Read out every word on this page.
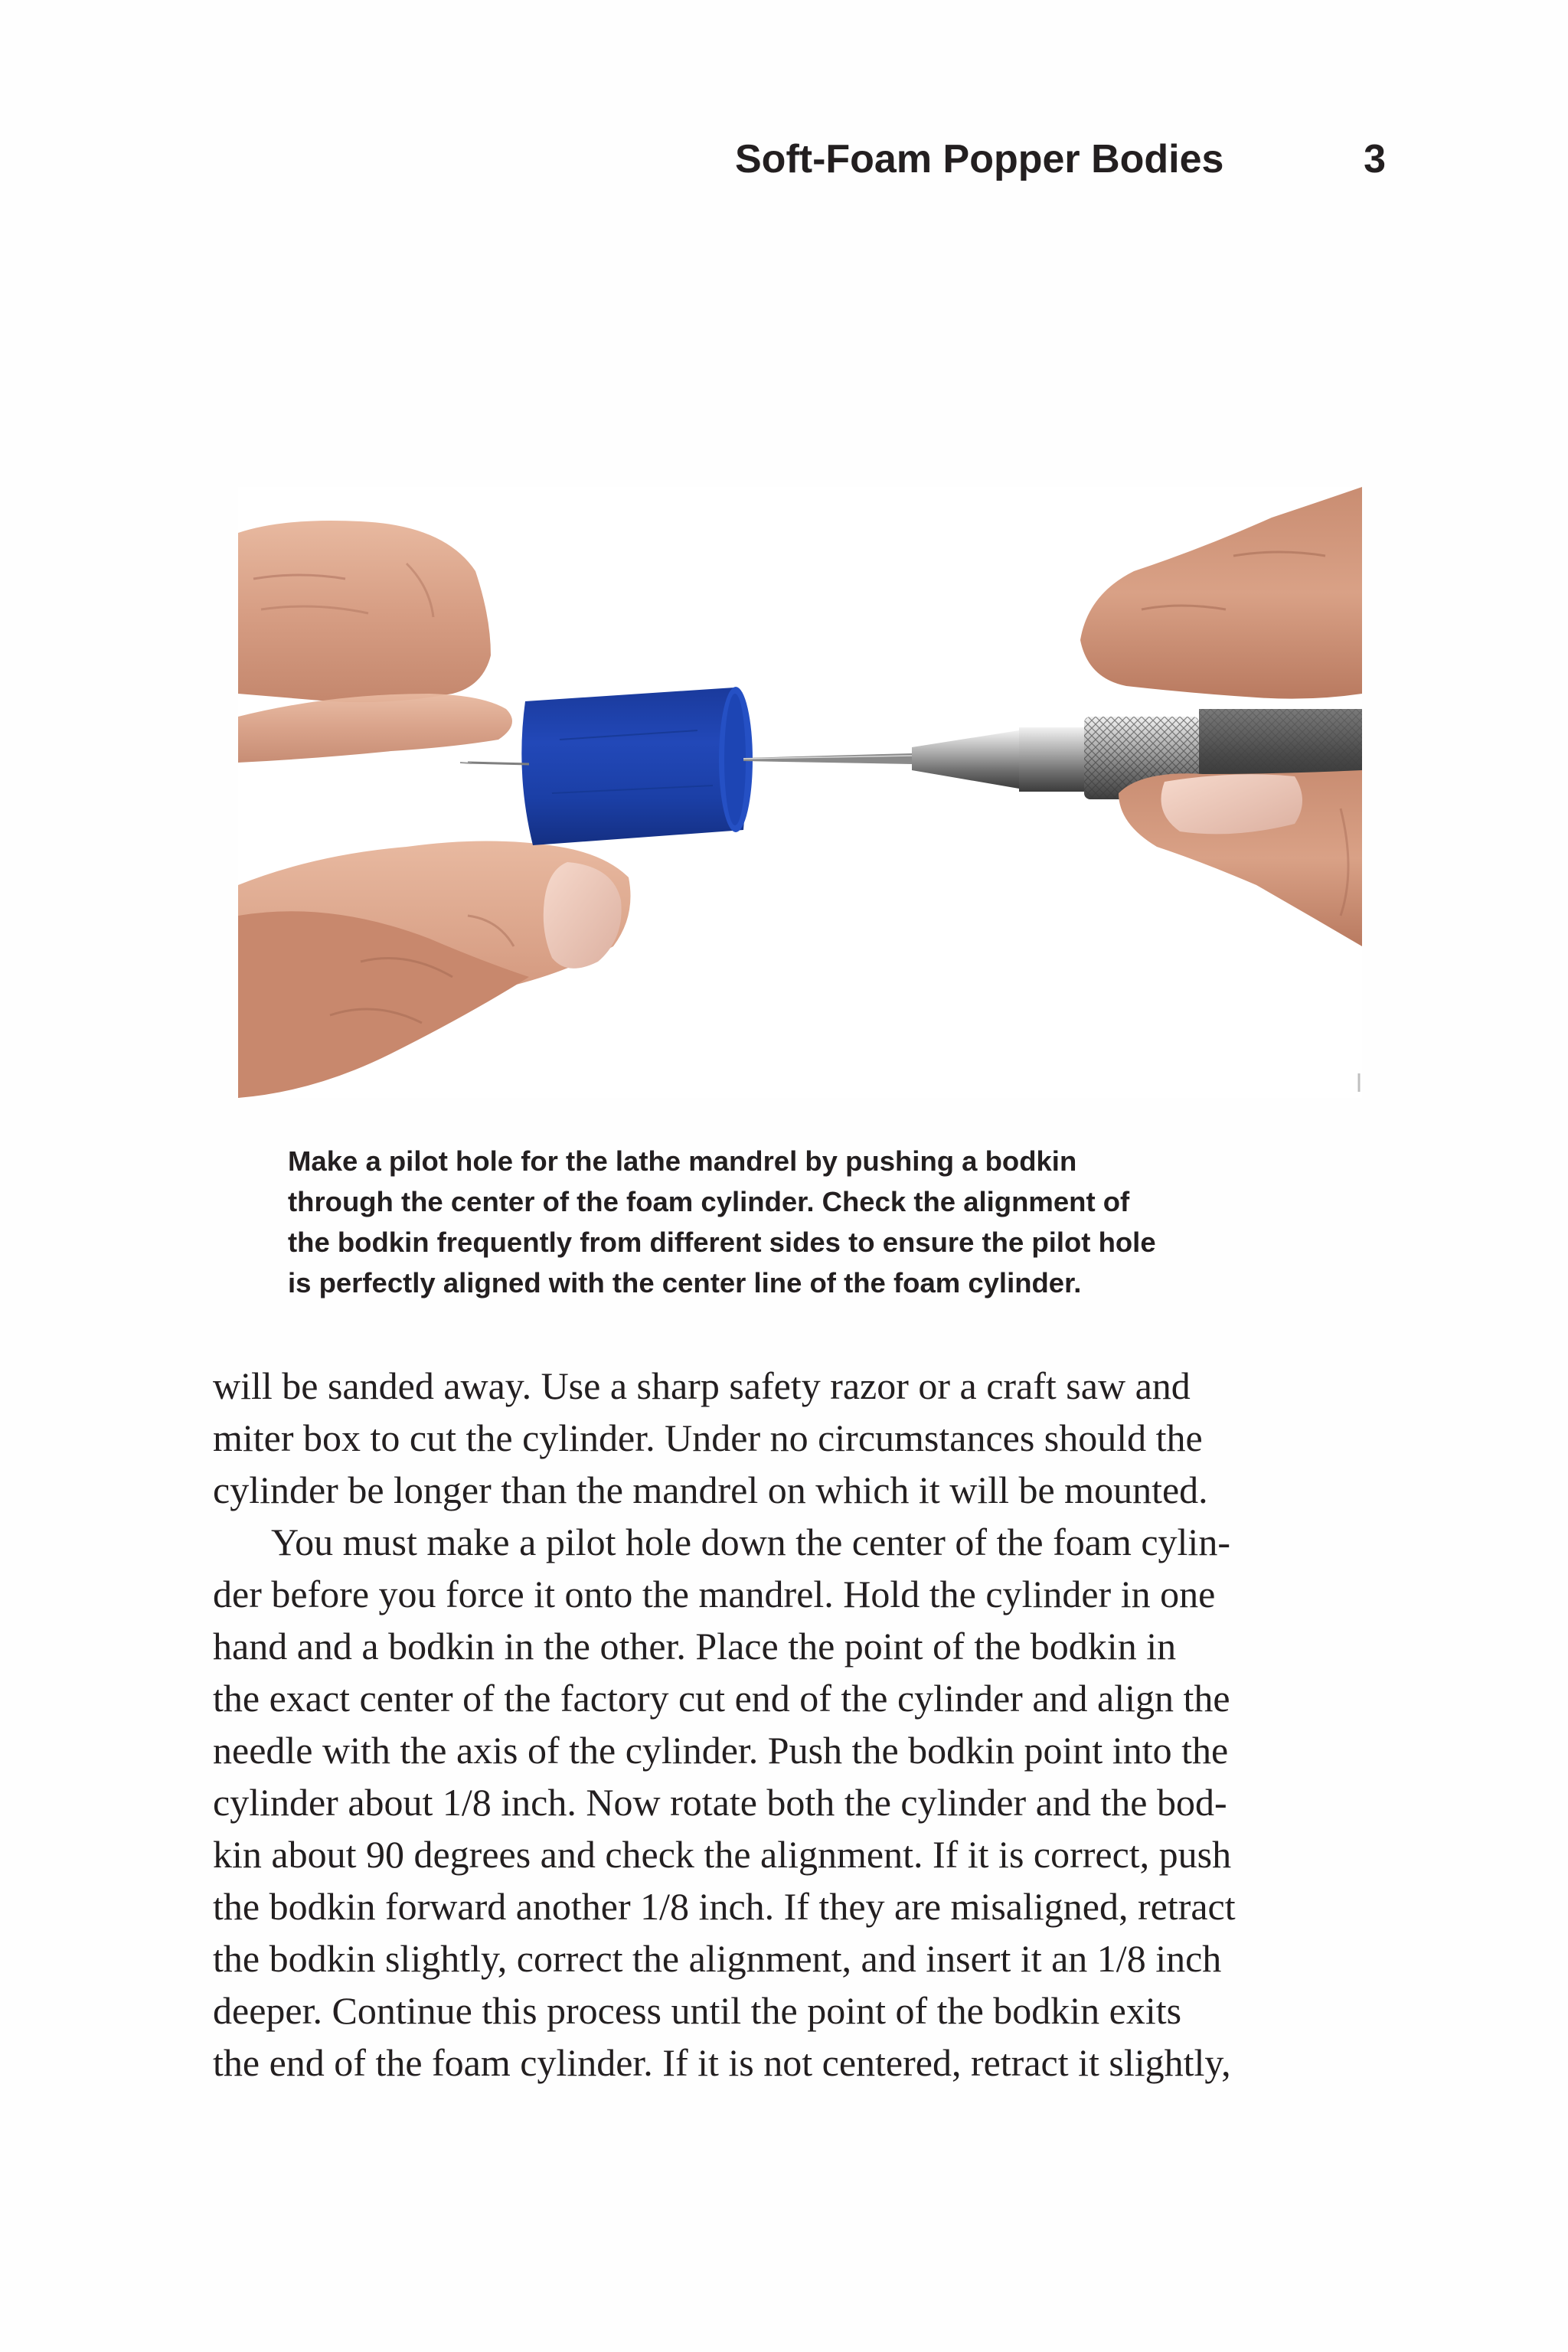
Soft-Foam Popper Bodies	3
Make a pilot hole for the lathe mandrel by pushing a bodkin
through the center of the foam cylinder. Check the alignment of
the bodkin frequently from different sides to ensure the pilot hole
is perfectly aligned with the center line of the foam cylinder.
will be sanded away. Use a sharp safety razor or a craft saw and
miter box to cut the cylinder. Under no circumstances should the
cylinder be longer than the mandrel on which it will be mounted.
You must make a pilot hole down the center of the foam cylin-
der before you force it onto the mandrel. Hold the cylinder in one
hand and a bodkin in the other. Place the point of the bodkin in
the exact center of the factory cut end of the cylinder and align the
needle with the axis of the cylinder. Push the bodkin point into the
cylinder about 1/8 inch. Now rotate both the cylinder and the bod-
kin about 90 degrees and check the alignment. If it is correct, push
the bodkin forward another 1/8 inch. If they are misaligned, retract
the bodkin slightly, correct the alignment, and insert it an 1/8 inch
deeper. Continue this process until the point of the bodkin exits
the end of the foam cylinder. If it is not centered, retract it slightly,
